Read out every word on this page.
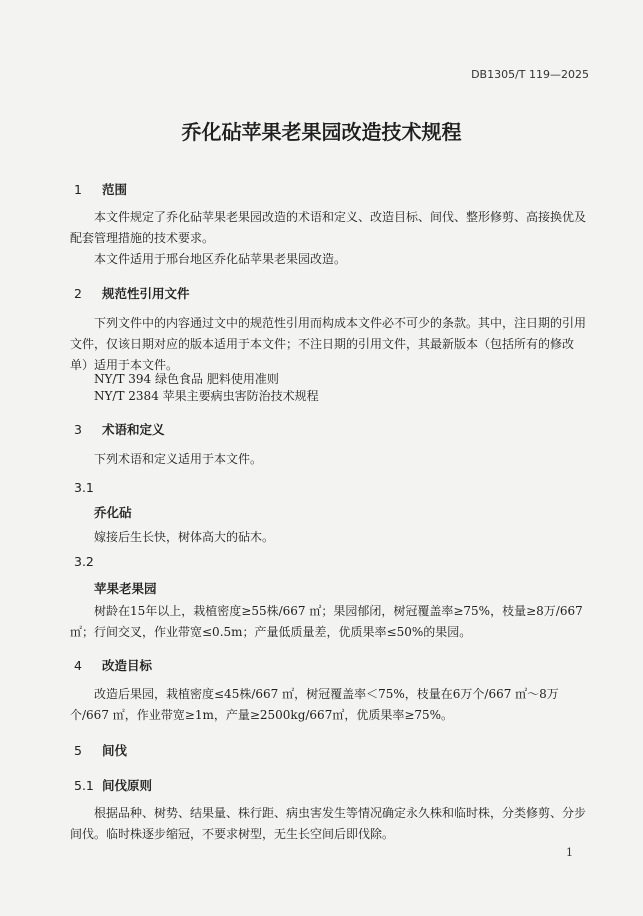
DB1305/T 119—2025
乔化砧苹果老果园改造技术规程
1 范围
本文件规定了乔化砧苹果老果园改造的术语和定义、改造目标、间伐、整形修剪、高接换优及配套管理措施的技术要求。
本文件适用于邢台地区乔化砧苹果老果园改造。
2 规范性引用文件
下列文件中的内容通过文中的规范性引用而构成本文件必不可少的条款。其中，注日期的引用文件，仅该日期对应的版本适用于本文件；不注日期的引用文件，其最新版本（包括所有的修改单）适用于本文件。
NY/T 394 绿色食品 肥料使用准则
NY/T 2384 苹果主要病虫害防治技术规程
3 术语和定义
下列术语和定义适用于本文件。
3.1
乔化砧
嫁接后生长快，树体高大的砧木。
3.2
苹果老果园
树龄在15年以上，栽植密度≥55株/667 ㎡；果园郁闭，树冠覆盖率≥75%，枝量≥8万/667 ㎡；行间交叉，作业带宽≤0.5m；产量低质量差，优质果率≤50%的果园。
4 改造目标
改造后果园，栽植密度≤45株/667 ㎡，树冠覆盖率＜75%，枝量在6万个/667 ㎡～8万个/667 ㎡，作业带宽≥1m，产量≥2500kg/667㎡，优质果率≥75%。
5 间伐
5.1 间伐原则
根据品种、树势、结果量、株行距、病虫害发生等情况确定永久株和临时株，分类修剪、分步间伐。临时株逐步缩冠，不要求树型，无生长空间后即伐除。
1
